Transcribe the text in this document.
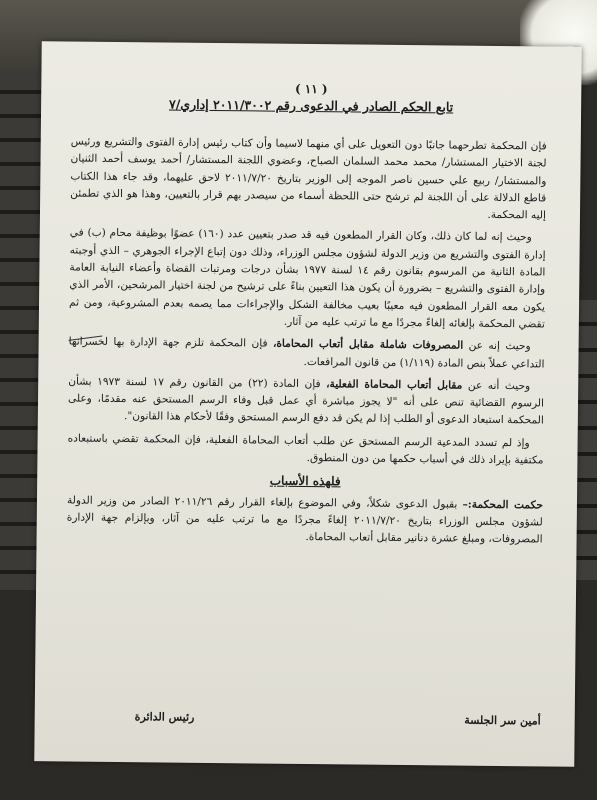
( ١١ )
تابع الحكم الصادر في الدعوى رقم ٢٠١١/٣٠٠٢ إداري/٧

فإن المحكمة تطرحهما جانبًا دون التعويل على أي منهما لاسيما وأن كتاب رئيس إدارة الفتوى والتشريع ورئيس لجنة الاختيار المستشار/ محمد محمد السلمان الصباح، وعضوي اللجنة المستشار/ أحمد يوسف أحمد الثنيان والمستشار/ ربيع علي حسين ناصر الموجه إلى الوزير بتاريخ ٢٠١١/٧/٢٠ لاحق عليهما، وقد جاء هذا الكتاب قاطع الدلالة على أن اللجنة لم ترشح حتى اللحظة أسماء من سيصدر بهم قرار بالتعيين، وهذا هو الذي تطمئن إليه المحكمة.

وحيث إنه لما كان ذلك، وكان القرار المطعون فيه قد صدر بتعيين عدد (١٦٠) عضوًا بوظيفة محام (ب) في إدارة الفتوى والتشريع من وزير الدولة لشؤون مجلس الوزراء، وذلك دون إتباع الإجراء الجوهري – الذي أوجبته المادة الثانية من المرسوم بقانون رقم ١٤ لسنة ١٩٧٧ بشأن درجات ومرتبات القضاة وأعضاء النيابة العامة وإدارة الفتوى والتشريع – بضرورة أن يكون هذا التعيين بناءً على ترشيح من لجنة اختيار المرشحين، الأمر الذي يكون معه القرار المطعون فيه معيبًا بعيب مخالفة الشكل والإجراءات مما يصمه بعدم المشروعية، ومن ثم تقضي المحكمة بإلغائه إلغاءً مجردًا مع ما ترتب عليه من آثار.

وحيث إنه عن المصروفات شاملة مقابل أتعاب المحاماة، فإن المحكمة تلزم جهة الإدارة بها لخسرانها التداعي عملاً بنص المادة (١/١١٩) من قانون المرافعات.

وحيث أنه عن مقابل أتعاب المحاماة الفعلية، فإن المادة (٢٢) من القانون رقم ١٧ لسنة ١٩٧٣ بشأن الرسوم القضائية تنص على أنه "لا يجوز مباشرة أي عمل قبل وفاء الرسم المستحق عنه مقدمًا، وعلى المحكمة استبعاد الدعوى أو الطلب إذا لم يكن قد دفع الرسم المستحق وفقًا لأحكام هذا القانون".

وإذ لم تسدد المدعية الرسم المستحق عن طلب أتعاب المحاماة الفعلية، فإن المحكمة تقضي باستبعاده مكتفية بإيراد ذلك في أسباب حكمها من دون المنطوق.

فلهذه الأسباب

حكمت المحكمة:– بقبول الدعوى شكلاً، وفي الموضوع بإلغاء القرار رقم ٢٠١١/٢٦ الصادر من وزير الدولة لشؤون مجلس الوزراء بتاريخ ٢٠١١/٧/٢٠ إلغاءً مجردًا مع ما ترتب عليه من آثار، وبإلزام جهة الإدارة المصروفات، ومبلغ عشرة دنانير مقابل أتعاب المحاماة.

أمين سر الجلسة
رئيس الدائرة
